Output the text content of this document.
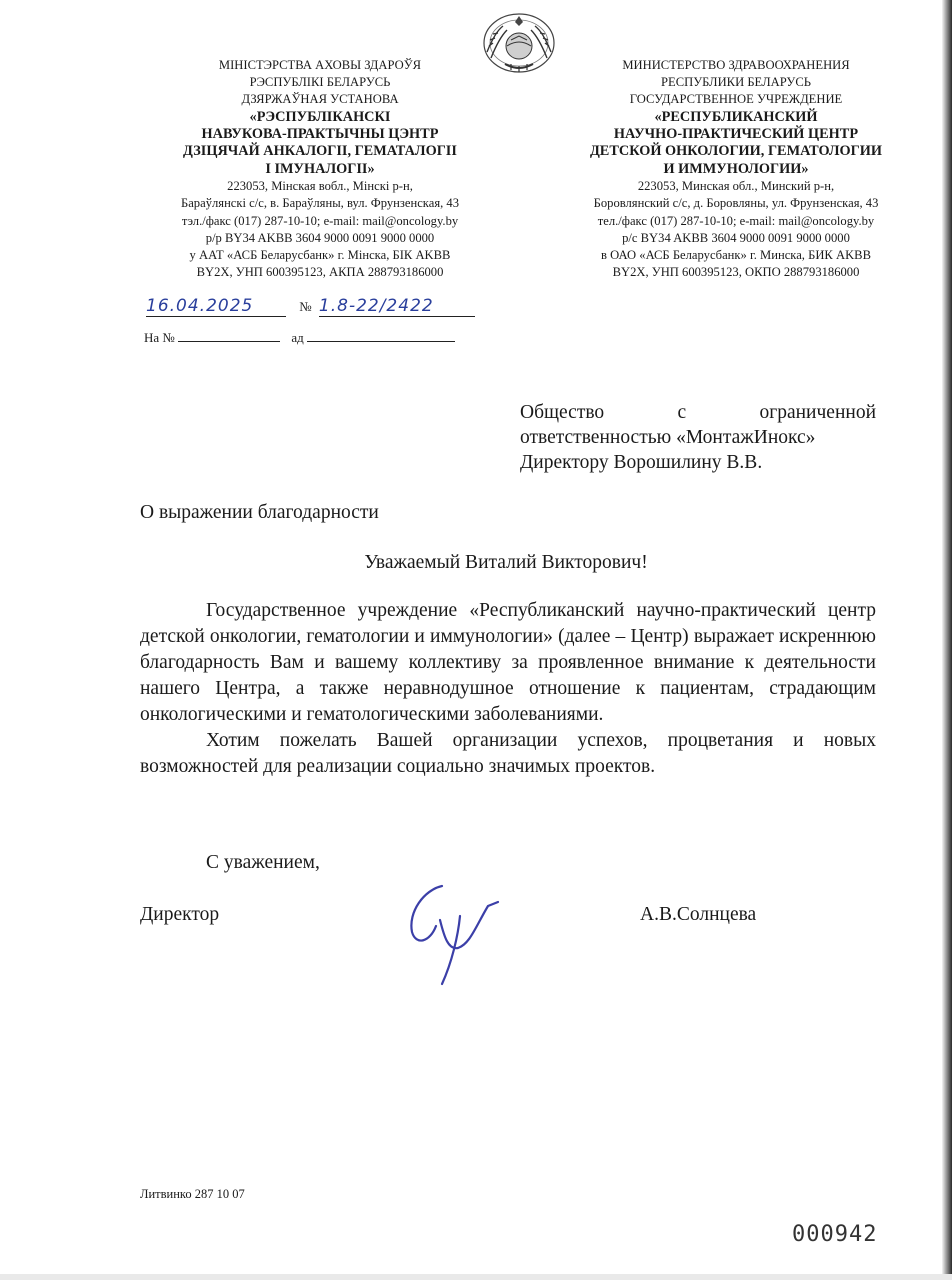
МІНІСТЭРСТВА АХОВЫ ЗДАРОЎЯ
РЭСПУБЛІКІ БЕЛАРУСЬ
ДЗЯРЖАЎНАЯ УСТАНОВА
«РЭСПУБЛІКАНСКІ
НАВУКОВА-ПРАКТЫЧНЫ ЦЭНТР
ДЗІЦЯЧАЙ АНКАЛОГІІ, ГЕМАТАЛОГІІ
І ІМУНАЛОГІІ»
223053, Мінская вобл., Мінскі р-н,
Бараўлянскі с/с, в. Бараўляны, вул. Фрунзенская, 43
тэл./факс (017) 287-10-10; e-mail: mail@oncology.by
р/р BY34 AKBB 3604 9000 0091 9000 0000
у ААТ «АСБ Беларусбанк» г. Мінска, БІК AKBB
BY2X, УНП 600395123, АКПА 288793186000
МИНИСТЕРСТВО ЗДРАВООХРАНЕНИЯ
РЕСПУБЛИКИ БЕЛАРУСЬ
ГОСУДАРСТВЕННОЕ УЧРЕЖДЕНИЕ
«РЕСПУБЛИКАНСКИЙ
НАУЧНО-ПРАКТИЧЕСКИЙ ЦЕНТР
ДЕТСКОЙ ОНКОЛОГИИ, ГЕМАТОЛОГИИ
И ИММУНОЛОГИИ»
223053, Минская обл., Минский р-н,
Боровлянский с/с, д. Боровляны, ул. Фрунзенская, 43
тел./факс (017) 287-10-10; e-mail: mail@oncology.by
р/с BY34 AKBB 3604 9000 0091 9000 0000
в ОАО «АСБ Беларусбанк» г. Минска, БИК AKBB
BY2X, УНП 600395123, ОКПО 288793186000
16.04.2025	№ 1.8-22/2422
На №	ад
Общество с ограниченной
ответственностью «МонтажИнокс»
Директору Ворошилину В.В.
О выражении благодарности
Уважаемый Виталий Викторович!

Государственное учреждение «Республиканский научно-практический центр детской онкологии, гематологии и иммунологии» (далее – Центр) выражает искреннюю благодарность Вам и вашему коллективу за проявленное внимание к деятельности нашего Центра, а также неравнодушное отношение к пациентам, страдающим онкологическими и гематологическими заболеваниями.

Хотим пожелать Вашей организации успехов, процветания и новых возможностей для реализации социально значимых проектов.

С уважением,
Директор	А.В.Солнцева
Литвинко 287 10 07
000942
